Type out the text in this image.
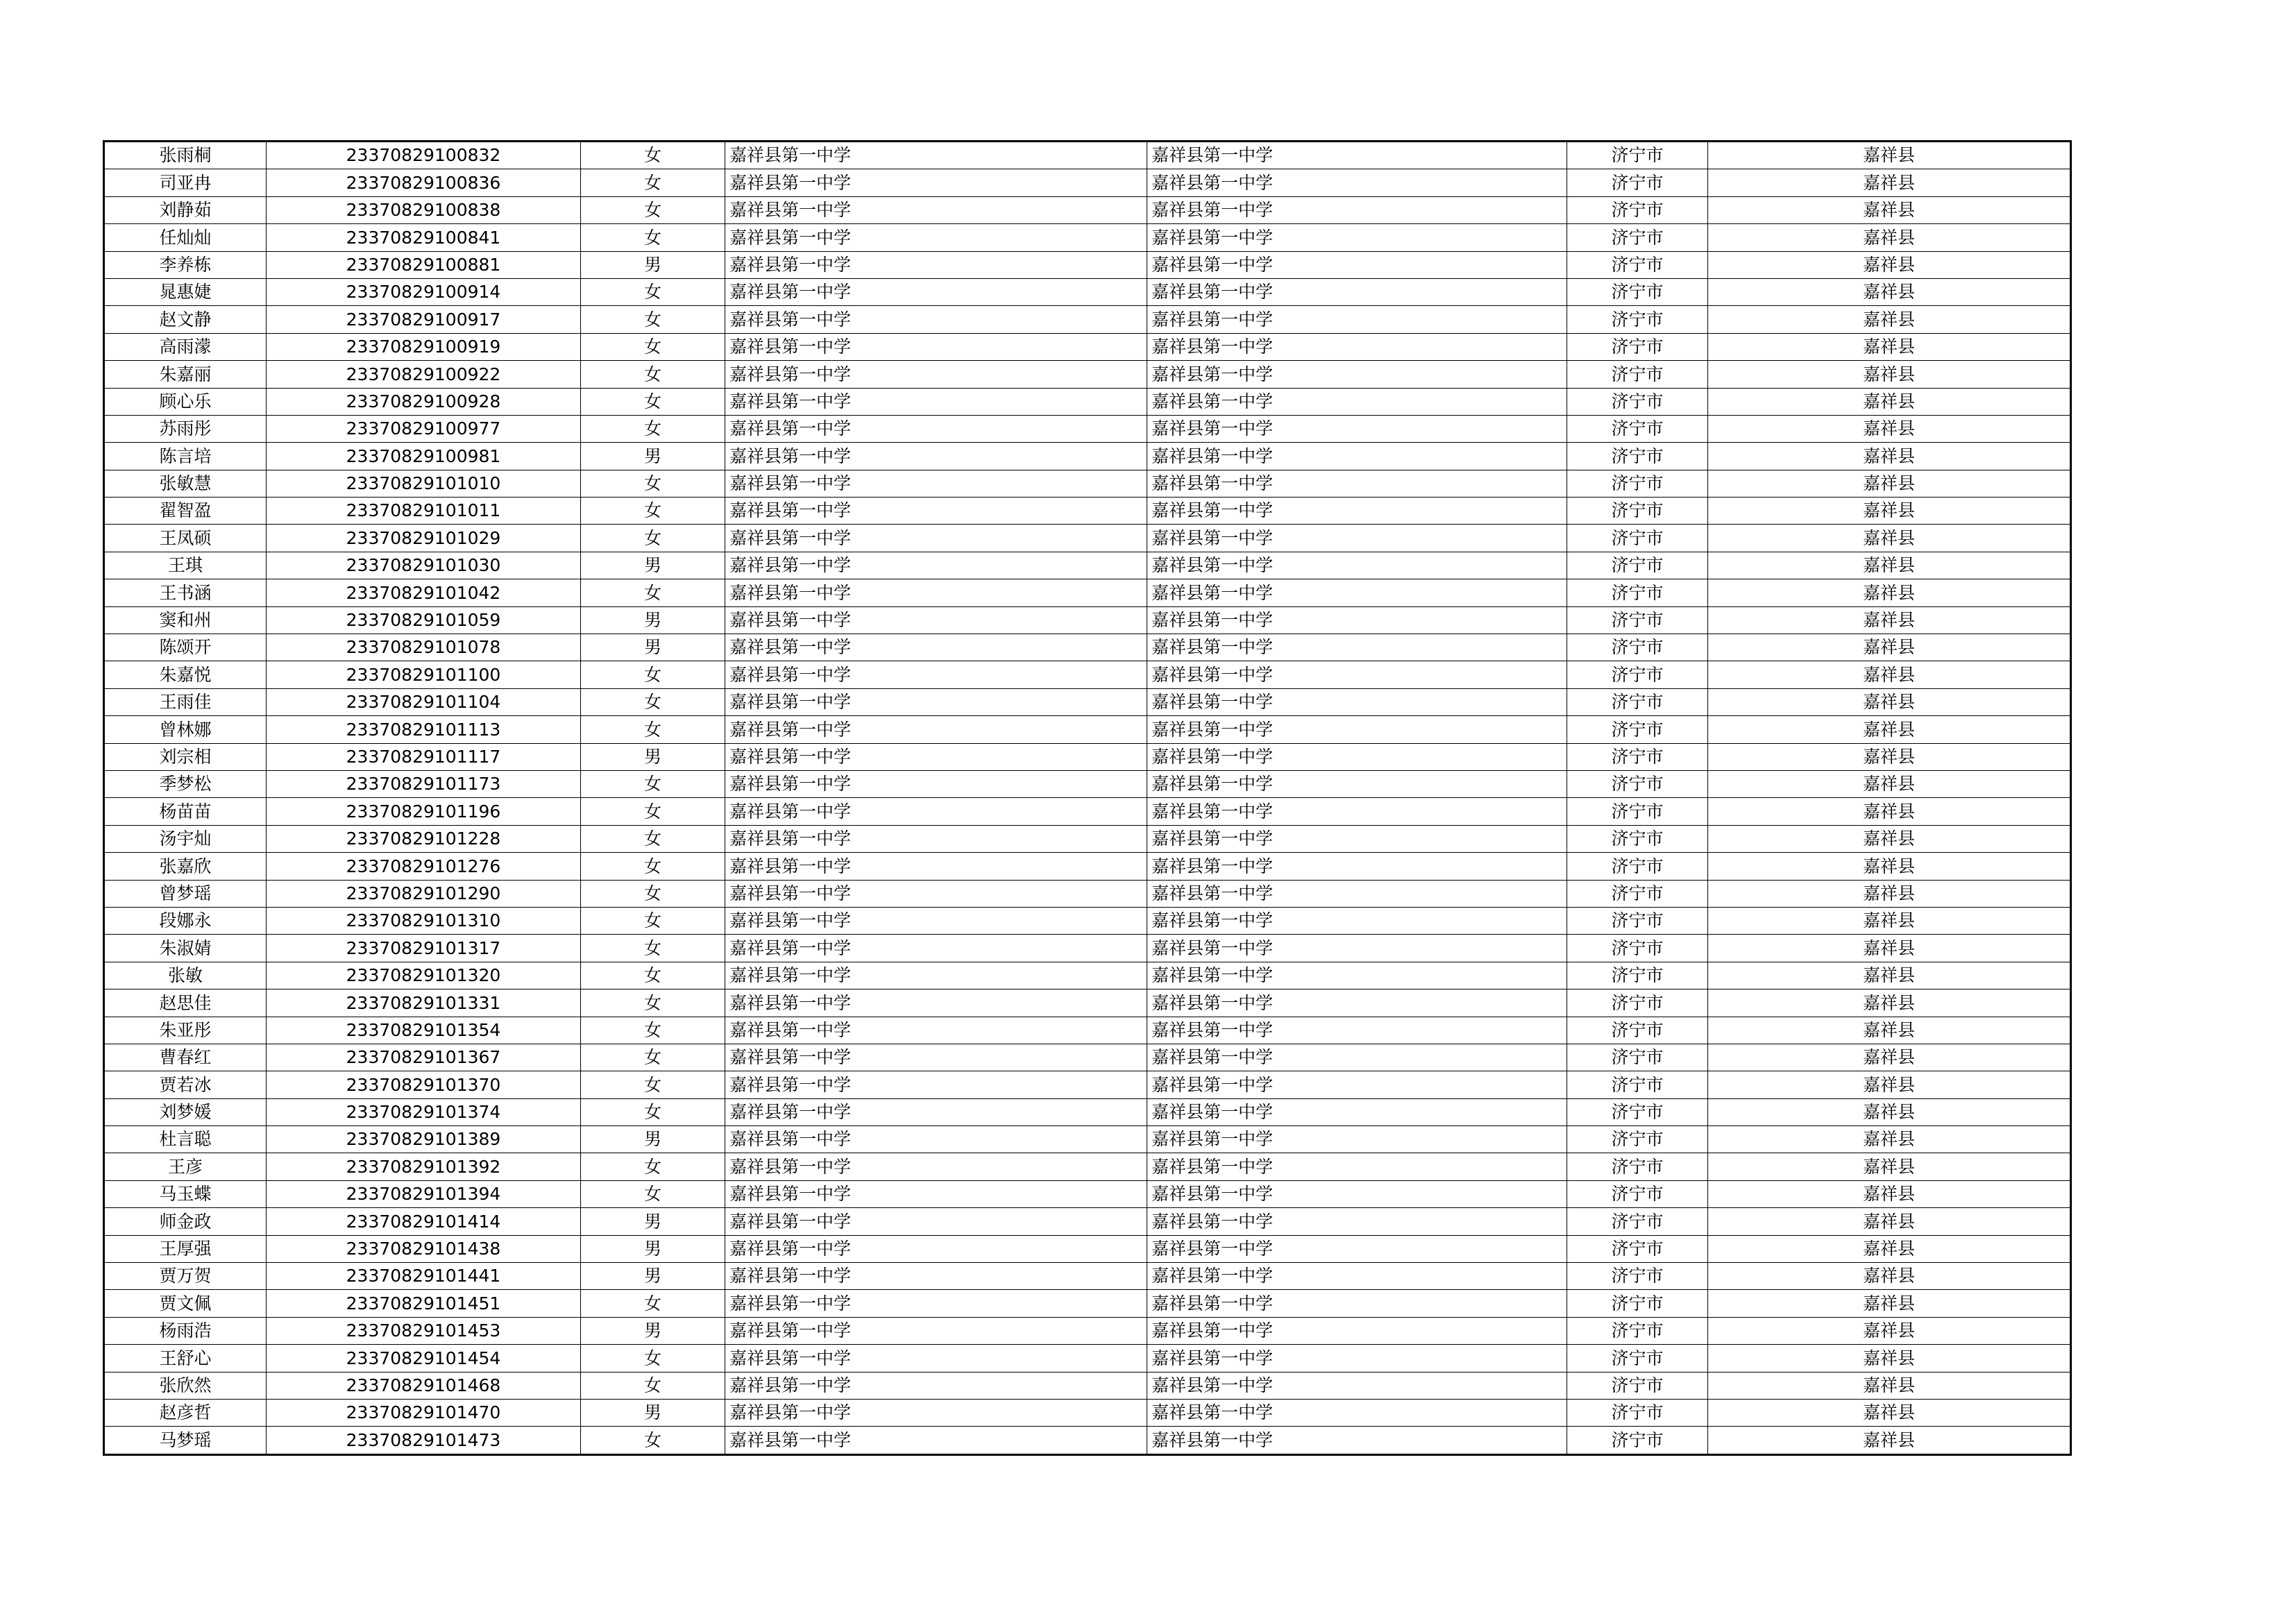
张雨桐	23370829100832	女	嘉祥县第一中学	嘉祥县第一中学	济宁市	嘉祥县
司亚冉	23370829100836	女	嘉祥县第一中学	嘉祥县第一中学	济宁市	嘉祥县
刘静茹	23370829100838	女	嘉祥县第一中学	嘉祥县第一中学	济宁市	嘉祥县
任灿灿	23370829100841	女	嘉祥县第一中学	嘉祥县第一中学	济宁市	嘉祥县
李养栋	23370829100881	男	嘉祥县第一中学	嘉祥县第一中学	济宁市	嘉祥县
晁惠婕	23370829100914	女	嘉祥县第一中学	嘉祥县第一中学	济宁市	嘉祥县
赵文静	23370829100917	女	嘉祥县第一中学	嘉祥县第一中学	济宁市	嘉祥县
高雨濛	23370829100919	女	嘉祥县第一中学	嘉祥县第一中学	济宁市	嘉祥县
朱嘉丽	23370829100922	女	嘉祥县第一中学	嘉祥县第一中学	济宁市	嘉祥县
顾心乐	23370829100928	女	嘉祥县第一中学	嘉祥县第一中学	济宁市	嘉祥县
苏雨彤	23370829100977	女	嘉祥县第一中学	嘉祥县第一中学	济宁市	嘉祥县
陈言培	23370829100981	男	嘉祥县第一中学	嘉祥县第一中学	济宁市	嘉祥县
张敏慧	23370829101010	女	嘉祥县第一中学	嘉祥县第一中学	济宁市	嘉祥县
翟智盈	23370829101011	女	嘉祥县第一中学	嘉祥县第一中学	济宁市	嘉祥县
王凤硕	23370829101029	女	嘉祥县第一中学	嘉祥县第一中学	济宁市	嘉祥县
王琪	23370829101030	男	嘉祥县第一中学	嘉祥县第一中学	济宁市	嘉祥县
王书涵	23370829101042	女	嘉祥县第一中学	嘉祥县第一中学	济宁市	嘉祥县
窦和州	23370829101059	男	嘉祥县第一中学	嘉祥县第一中学	济宁市	嘉祥县
陈颂开	23370829101078	男	嘉祥县第一中学	嘉祥县第一中学	济宁市	嘉祥县
朱嘉悦	23370829101100	女	嘉祥县第一中学	嘉祥县第一中学	济宁市	嘉祥县
王雨佳	23370829101104	女	嘉祥县第一中学	嘉祥县第一中学	济宁市	嘉祥县
曾林娜	23370829101113	女	嘉祥县第一中学	嘉祥县第一中学	济宁市	嘉祥县
刘宗相	23370829101117	男	嘉祥县第一中学	嘉祥县第一中学	济宁市	嘉祥县
季梦松	23370829101173	女	嘉祥县第一中学	嘉祥县第一中学	济宁市	嘉祥县
杨苗苗	23370829101196	女	嘉祥县第一中学	嘉祥县第一中学	济宁市	嘉祥县
汤宇灿	23370829101228	女	嘉祥县第一中学	嘉祥县第一中学	济宁市	嘉祥县
张嘉欣	23370829101276	女	嘉祥县第一中学	嘉祥县第一中学	济宁市	嘉祥县
曾梦瑶	23370829101290	女	嘉祥县第一中学	嘉祥县第一中学	济宁市	嘉祥县
段娜永	23370829101310	女	嘉祥县第一中学	嘉祥县第一中学	济宁市	嘉祥县
朱淑婧	23370829101317	女	嘉祥县第一中学	嘉祥县第一中学	济宁市	嘉祥县
张敏	23370829101320	女	嘉祥县第一中学	嘉祥县第一中学	济宁市	嘉祥县
赵思佳	23370829101331	女	嘉祥县第一中学	嘉祥县第一中学	济宁市	嘉祥县
朱亚彤	23370829101354	女	嘉祥县第一中学	嘉祥县第一中学	济宁市	嘉祥县
曹春红	23370829101367	女	嘉祥县第一中学	嘉祥县第一中学	济宁市	嘉祥县
贾若冰	23370829101370	女	嘉祥县第一中学	嘉祥县第一中学	济宁市	嘉祥县
刘梦媛	23370829101374	女	嘉祥县第一中学	嘉祥县第一中学	济宁市	嘉祥县
杜言聪	23370829101389	男	嘉祥县第一中学	嘉祥县第一中学	济宁市	嘉祥县
王彦	23370829101392	女	嘉祥县第一中学	嘉祥县第一中学	济宁市	嘉祥县
马玉蝶	23370829101394	女	嘉祥县第一中学	嘉祥县第一中学	济宁市	嘉祥县
师金政	23370829101414	男	嘉祥县第一中学	嘉祥县第一中学	济宁市	嘉祥县
王厚强	23370829101438	男	嘉祥县第一中学	嘉祥县第一中学	济宁市	嘉祥县
贾万贺	23370829101441	男	嘉祥县第一中学	嘉祥县第一中学	济宁市	嘉祥县
贾文佩	23370829101451	女	嘉祥县第一中学	嘉祥县第一中学	济宁市	嘉祥县
杨雨浩	23370829101453	男	嘉祥县第一中学	嘉祥县第一中学	济宁市	嘉祥县
王舒心	23370829101454	女	嘉祥县第一中学	嘉祥县第一中学	济宁市	嘉祥县
张欣然	23370829101468	女	嘉祥县第一中学	嘉祥县第一中学	济宁市	嘉祥县
赵彦哲	23370829101470	男	嘉祥县第一中学	嘉祥县第一中学	济宁市	嘉祥县
马梦瑶	23370829101473	女	嘉祥县第一中学	嘉祥县第一中学	济宁市	嘉祥县
